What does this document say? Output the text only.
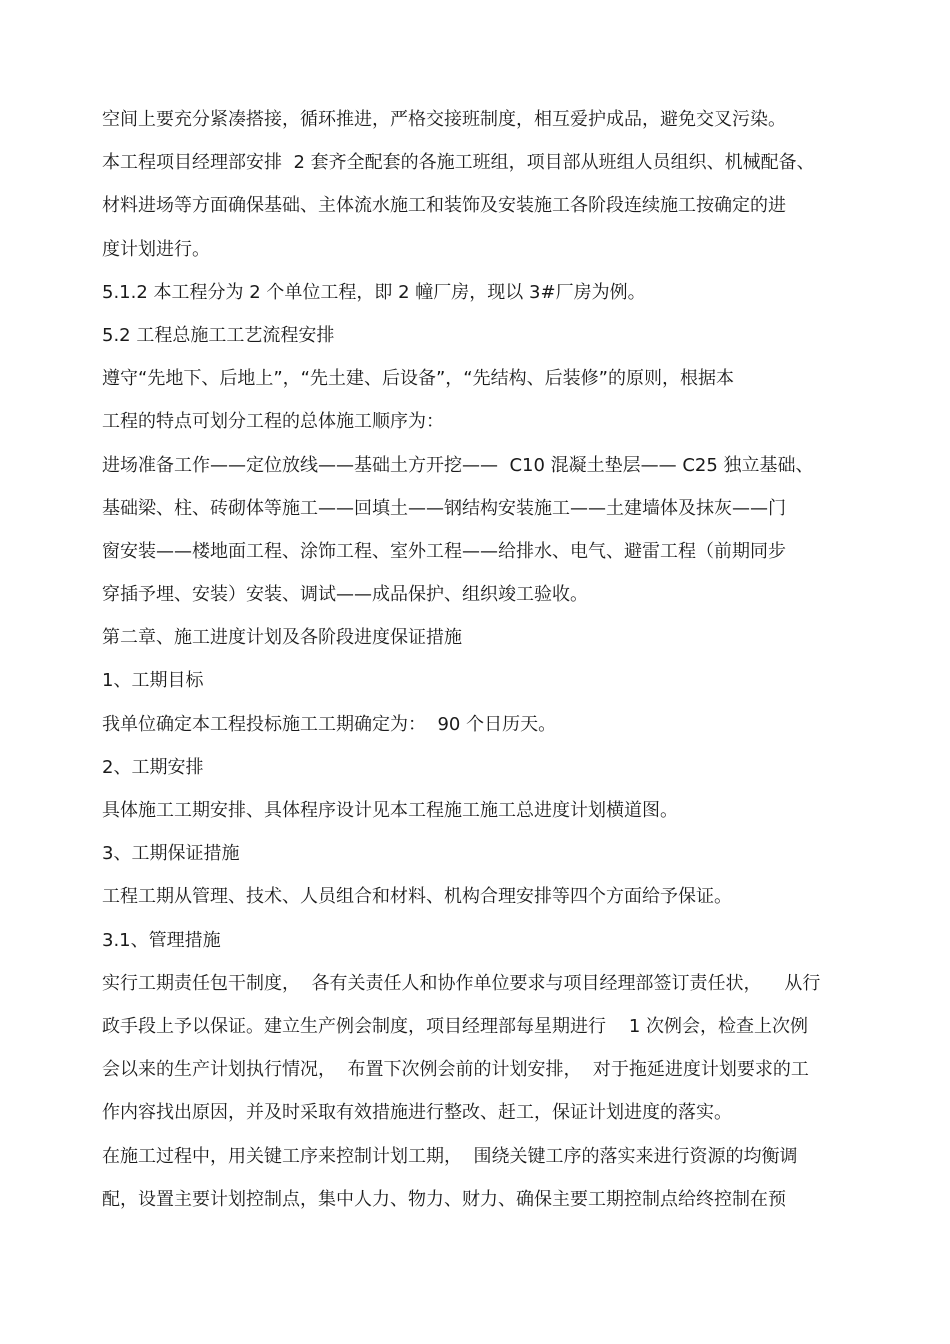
空间上要充分紧凑搭接，循环推进，严格交接班制度，相互爱护成品，避免交叉污染。
本工程项目经理部安排  2 套齐全配套的各施工班组，项目部从班组人员组织、机械配备、
材料进场等方面确保基础、主体流水施工和装饰及安装施工各阶段连续施工按确定的进
度计划进行。
5.1.2 本工程分为 2 个单位工程，即 2 幢厂房，现以 3#厂房为例。
5.2 工程总施工工艺流程安排
遵守“先地下、后地上”，“先土建、后设备”，“先结构、后装修”的原则，根据本
工程的特点可划分工程的总体施工顺序为：
进场准备工作——定位放线——基础土方开挖——  C10 混凝土垫层—— C25 独立基础、
基础梁、柱、砖砌体等施工——回填土——钢结构安装施工——土建墙体及抹灰——门
窗安装——楼地面工程、涂饰工程、室外工程——给排水、电气、避雷工程（前期同步
穿插予埋、安装）安装、调试——成品保护、组织竣工验收。
第二章、施工进度计划及各阶段进度保证措施
1、工期目标
我单位确定本工程投标施工工期确定为：  90 个日历天。
2、工期安排
具体施工工期安排、具体程序设计见本工程施工施工总进度计划横道图。
3、工期保证措施
工程工期从管理、技术、人员组合和材料、机构合理安排等四个方面给予保证。
3.1、管理措施
实行工期责任包干制度，  各有关责任人和协作单位要求与项目经理部签订责任状，    从行
政手段上予以保证。建立生产例会制度，项目经理部每星期进行    1 次例会，检查上次例
会以来的生产计划执行情况，  布置下次例会前的计划安排，  对于拖延进度计划要求的工
作内容找出原因，并及时采取有效措施进行整改、赶工，保证计划进度的落实。
在施工过程中，用关键工序来控制计划工期，  围绕关键工序的落实来进行资源的均衡调
配，设置主要计划控制点，集中人力、物力、财力、确保主要工期控制点给终控制在预
